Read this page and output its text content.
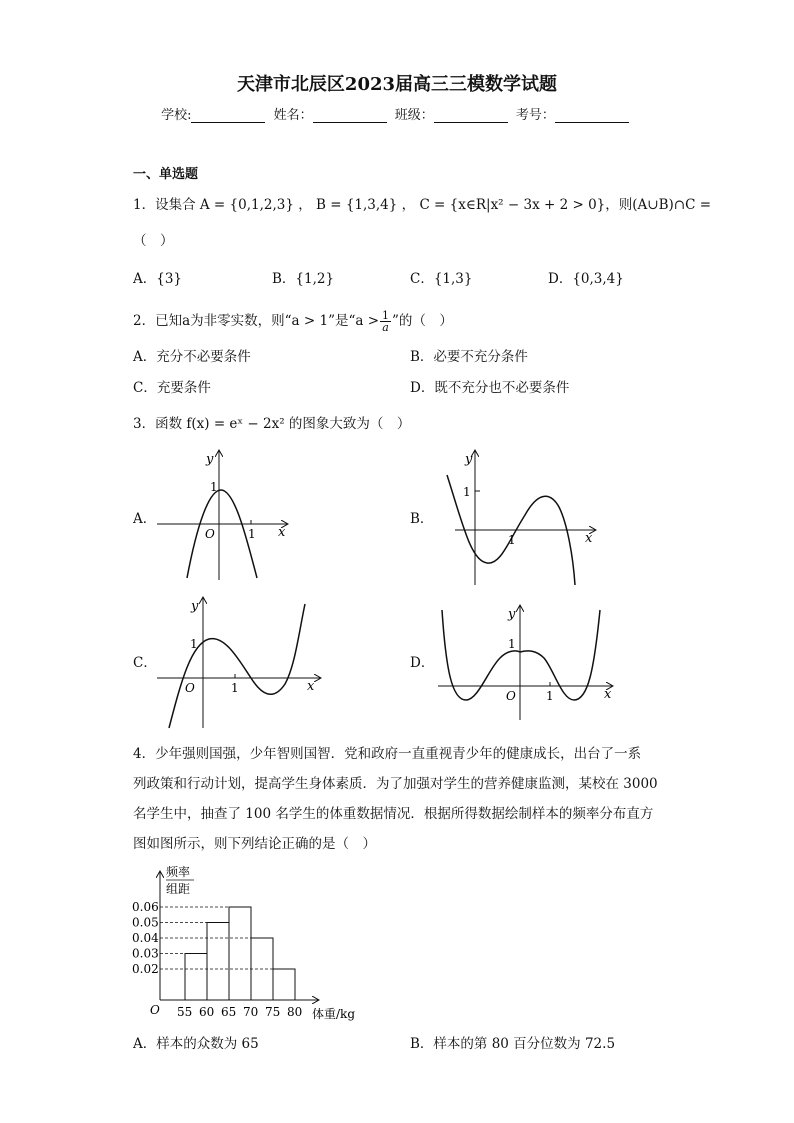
天津市北辰区2023届高三三模数学试题
学校:	姓名：	班级：	考号：
一、单选题
1．设集合 A = {0,1,2,3} ， B = {1,3,4} ， C = {x∈R|x² − 3x + 2 > 0}，则(A∪B)∩C =
（　）
A．{3}	B．{1,2}	C．{1,3}	D．{0,3,4}
2．已知a为非零实数，则“a > 1”是“$a > \frac{1}{a}$ ”的（　）
A．充分不必要条件	B．必要不充分条件
C．充要条件	D．既不充分也不必要条件
3．函数 f(x) = eˣ − 2x² 的图象大致为（　）
A．
1
O	1 x
y
B．
1
1	x
y
C．
1
O	1	x
y
D．
1
O	1	x
y
4．少年强则国强，少年智则国智．党和政府一直重视青少年的健康成长，出台了一系
列政策和行动计划，提高学生身体素质．为了加强对学生的营养健康监测，某校在 3000
名学生中，抽查了 100 名学生的体重数据情况．根据所得数据绘制样本的频率分布直方
图如图所示，则下列结论正确的是（　）
频率
组距
O	体重/kg
0.02
0.03
0.04
0.05
0.06
55 60 65 70 75 80
A．样本的众数为 65	B．样本的第 80 百分位数为 72.5
